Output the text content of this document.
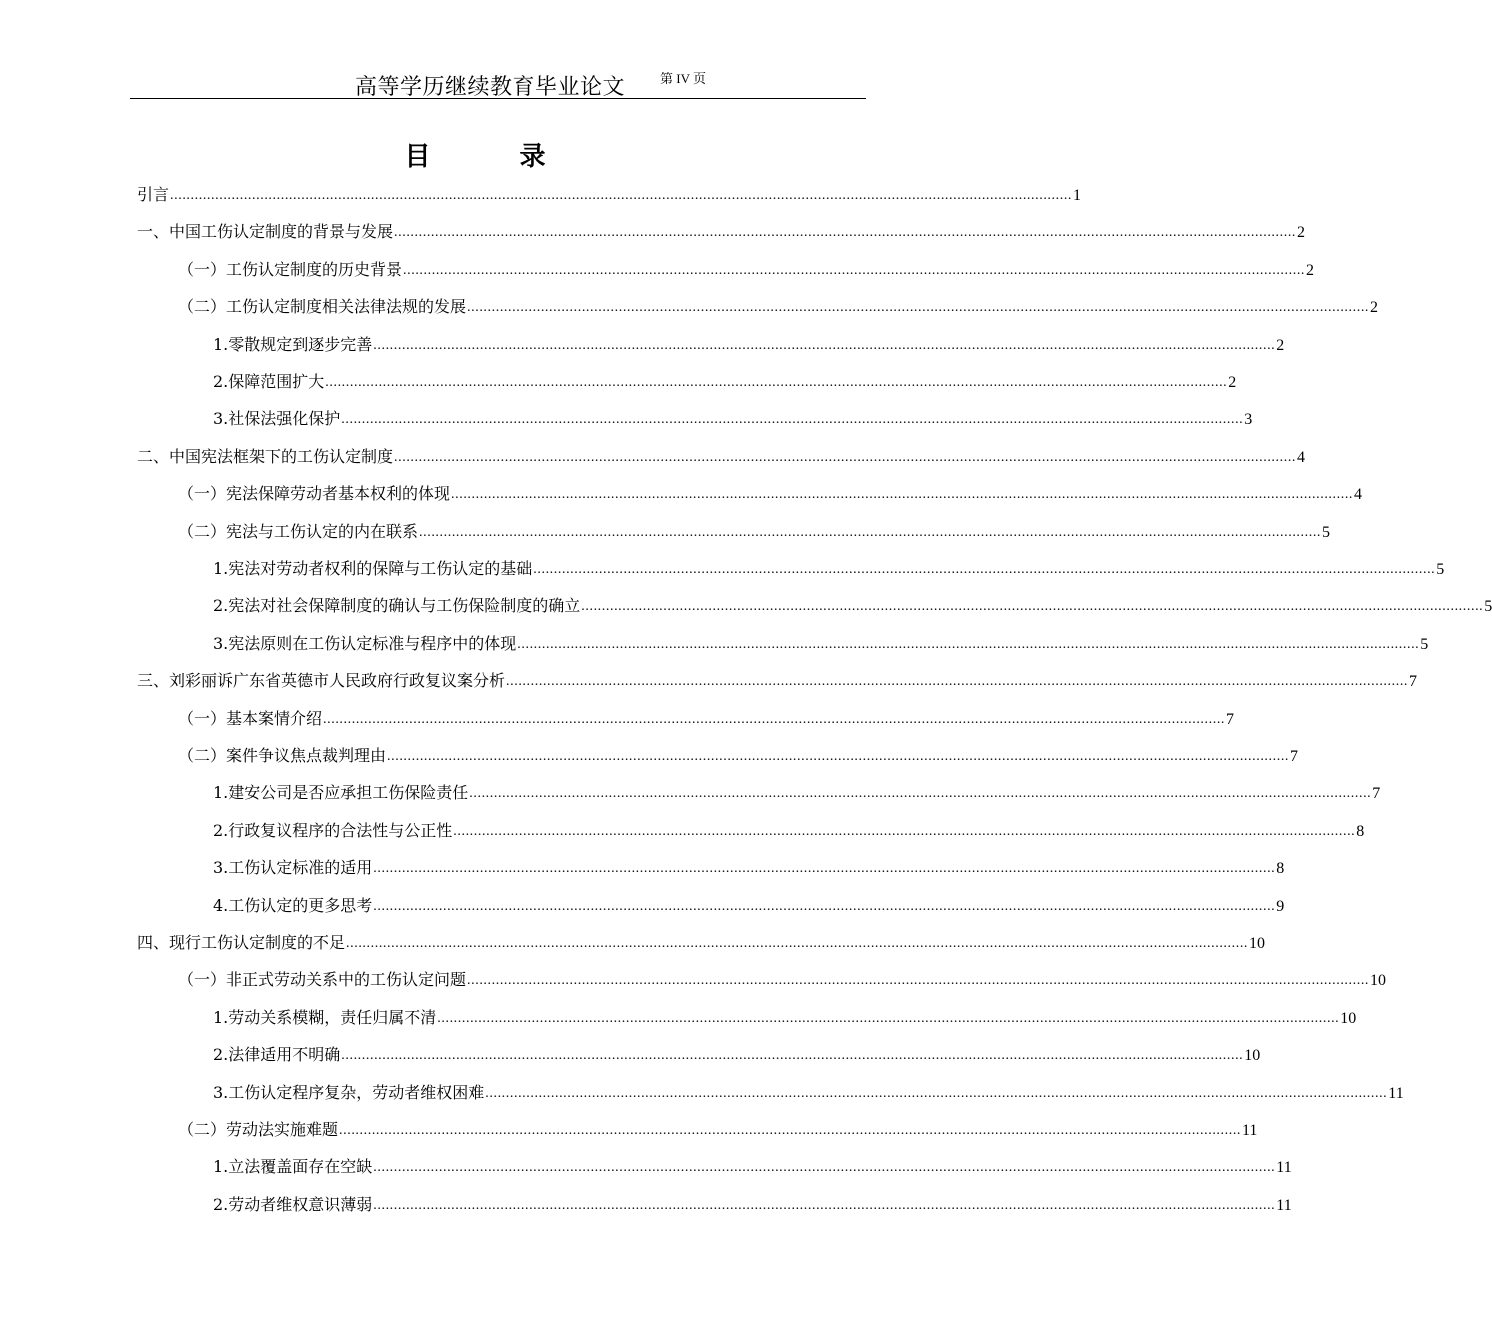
高等学历继续教育毕业论文	第 IV 页
目 录
引言 ............................................................................................................................................................................................................................ 1
一、中国工伤认定制度的背景与发展 ............................................................................................................................................................................................................................ 2
（一）工伤认定制度的历史背景 ............................................................................................................................................................................................................................ 2
（二）工伤认定制度相关法律法规的发展 ............................................................................................................................................................................................................................ 2
1.零散规定到逐步完善 ............................................................................................................................................................................................................................ 2
2.保障范围扩大 ............................................................................................................................................................................................................................ 2
3.社保法强化保护 ............................................................................................................................................................................................................................ 3
二、中国宪法框架下的工伤认定制度 ............................................................................................................................................................................................................................ 4
（一）宪法保障劳动者基本权利的体现 ............................................................................................................................................................................................................................ 4
（二）宪法与工伤认定的内在联系 ............................................................................................................................................................................................................................ 5
1.宪法对劳动者权利的保障与工伤认定的基础 ............................................................................................................................................................................................................................ 5
2.宪法对社会保障制度的确认与工伤保险制度的确立 ............................................................................................................................................................................................................................ 5
3.宪法原则在工伤认定标准与程序中的体现 ............................................................................................................................................................................................................................ 5
三、刘彩丽诉广东省英德市人民政府行政复议案分析 ............................................................................................................................................................................................................................ 7
（一）基本案情介绍 ............................................................................................................................................................................................................................ 7
（二）案件争议焦点裁判理由 ............................................................................................................................................................................................................................ 7
1.建安公司是否应承担工伤保险责任 ............................................................................................................................................................................................................................ 7
2.行政复议程序的合法性与公正性 ............................................................................................................................................................................................................................ 8
3.工伤认定标准的适用 ............................................................................................................................................................................................................................ 8
4.工伤认定的更多思考 ............................................................................................................................................................................................................................ 9
四、现行工伤认定制度的不足 ............................................................................................................................................................................................................................ 10
（一）非正式劳动关系中的工伤认定问题 ............................................................................................................................................................................................................................ 10
1.劳动关系模糊，责任归属不清 ............................................................................................................................................................................................................................ 10
2.法律适用不明确 ............................................................................................................................................................................................................................ 10
3.工伤认定程序复杂，劳动者维权困难 ............................................................................................................................................................................................................................ 11
（二）劳动法实施难题 ............................................................................................................................................................................................................................ 11
1.立法覆盖面存在空缺 ............................................................................................................................................................................................................................ 11
2.劳动者维权意识薄弱 ............................................................................................................................................................................................................................ 11
